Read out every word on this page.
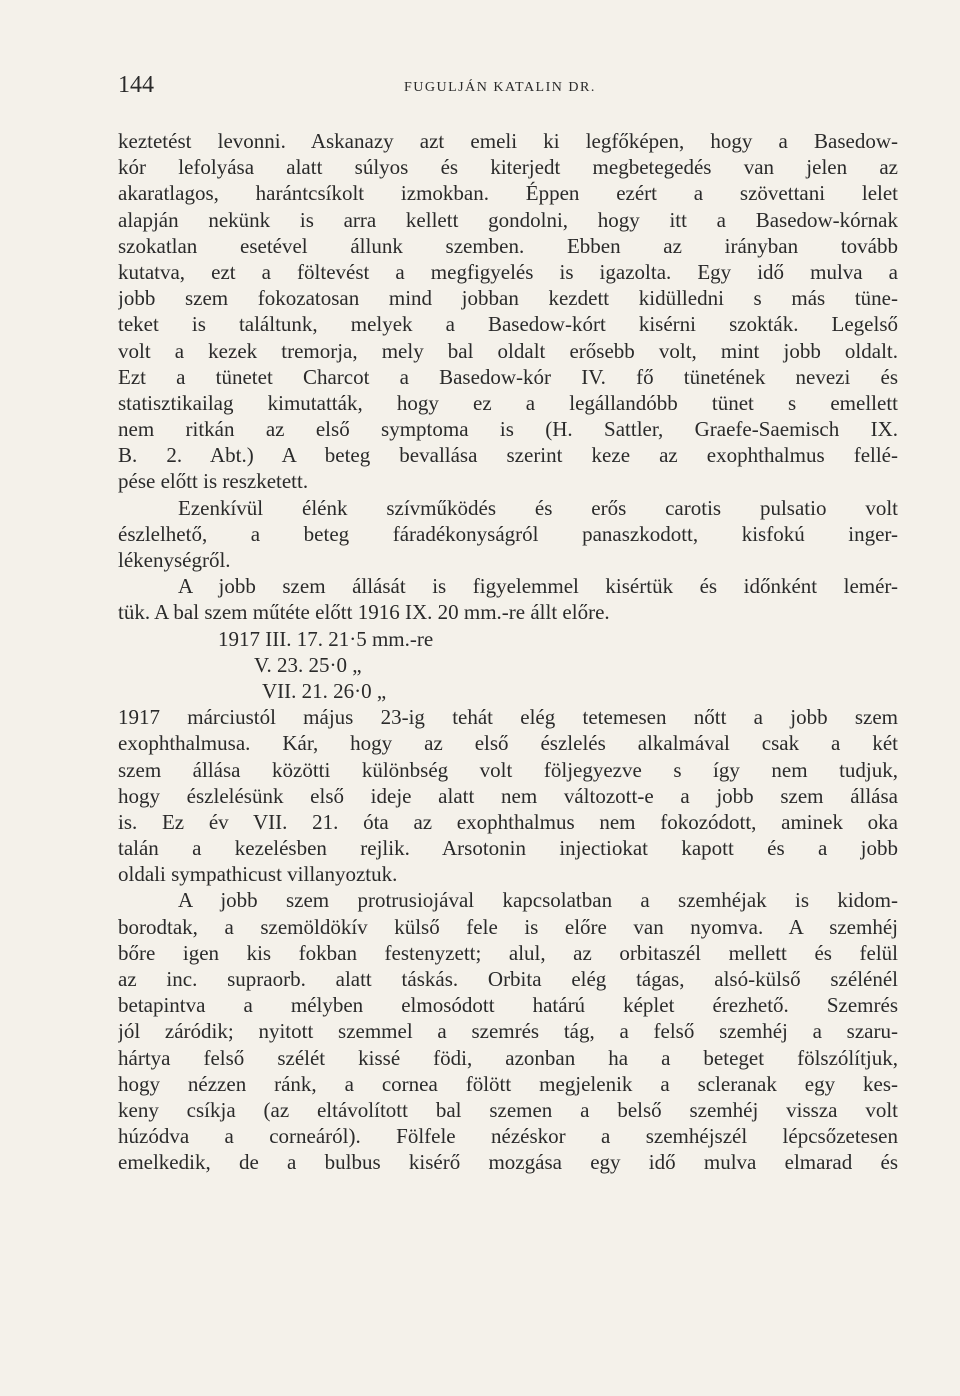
144	FUGULJÁN KATALIN DR.
keztetést levonni. Askanazy azt emeli ki legfőképen, hogy a Basedow-
kór lefolyása alatt súlyos és kiterjedt megbetegedés van jelen az
akaratlagos, harántcsíkolt izmokban. Éppen ezért a szövettani lelet
alapján nekünk is arra kellett gondolni, hogy itt a Basedow-kórnak
szokatlan esetével állunk szemben. Ebben az irányban tovább
kutatva, ezt a föltevést a megfigyelés is igazolta. Egy idő mulva a
jobb szem fokozatosan mind jobban kezdett kidülledni s más tüne-
teket is találtunk, melyek a Basedow-kórt kisérni szokták. Legelső
volt a kezek tremorja, mely bal oldalt erősebb volt, mint jobb oldalt.
Ezt a tünetet Charcot a Basedow-kór IV. fő tünetének nevezi és
statisztikailag kimutatták, hogy ez a legállandóbb tünet s emellett
nem ritkán az első symptoma is (H. Sattler, Graefe-Saemisch IX.
B. 2. Abt.) A beteg bevallása szerint keze az exophthalmus fellé-
pése előtt is reszketett.
Ezenkívül élénk szívműködés és erős carotis pulsatio volt
észlelhető, a beteg fáradékonyságról panaszkodott, kisfokú inger-
lékenységről.
A jobb szem állását is figyelemmel kisértük és időnként lemér-
tük. A bal szem műtéte előtt 1916 IX. 20 mm.-re állt előre.
1917 III. 17. 21·5 mm.-re
V. 23. 25·0 „
VII. 21. 26·0 „
1917 márciustól május 23-ig tehát elég tetemesen nőtt a jobb szem
exophthalmusa. Kár, hogy az első észlelés alkalmával csak a két
szem állása közötti különbség volt följegyezve s így nem tudjuk,
hogy észlelésünk első ideje alatt nem változott-e a jobb szem állása
is. Ez év VII. 21. óta az exophthalmus nem fokozódott, aminek oka
talán a kezelésben rejlik. Arsotonin injectiokat kapott és a jobb
oldali sympathicust villanyoztuk.
A jobb szem protrusiojával kapcsolatban a szemhéjak is kidom-
borodtak, a szemöldökív külső fele is előre van nyomva. A szemhéj
bőre igen kis fokban festenyzett; alul, az orbitaszél mellett és felül
az inc. supraorb. alatt táskás. Orbita elég tágas, alsó-külső szélénél
betapintva a mélyben elmosódott határú képlet érezhető. Szemrés
jól záródik; nyitott szemmel a szemrés tág, a felső szemhéj a szaru-
hártya felső szélét kissé födi, azonban ha a beteget fölszólítjuk,
hogy nézzen ránk, a cornea fölött megjelenik a scleranak egy kes-
keny csíkja (az eltávolított bal szemen a belső szemhéj vissza volt
húzódva a corneáról). Fölfele nézéskor a szemhéjszél lépcsőzetesen
emelkedik, de a bulbus kisérő mozgása egy idő mulva elmarad és
